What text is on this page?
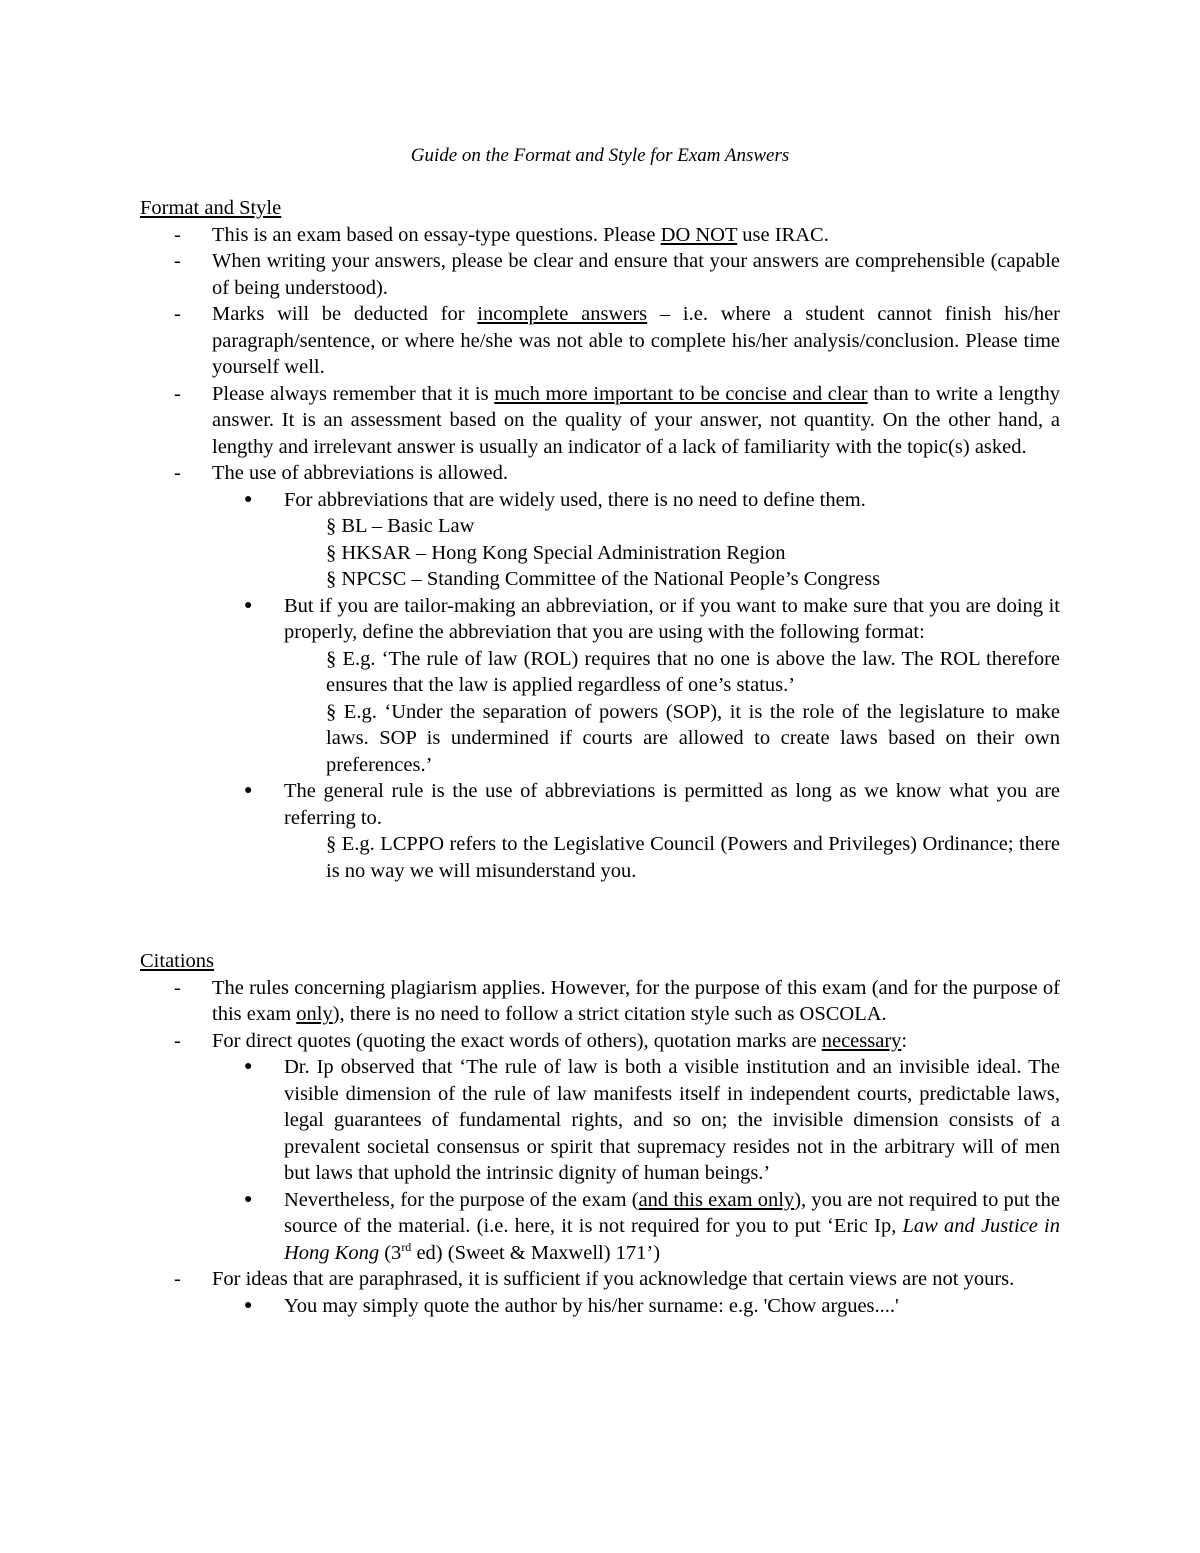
Guide on the Format and Style for Exam Answers
Format and Style
- This is an exam based on essay-type questions. Please DO NOT use IRAC.
- When writing your answers, please be clear and ensure that your answers are comprehensible (capable of being understood).
- Marks will be deducted for incomplete answers – i.e. where a student cannot finish his/her paragraph/sentence, or where he/she was not able to complete his/her analysis/conclusion. Please time yourself well.
- Please always remember that it is much more important to be concise and clear than to write a lengthy answer. It is an assessment based on the quality of your answer, not quantity. On the other hand, a lengthy and irrelevant answer is usually an indicator of a lack of familiarity with the topic(s) asked.
- The use of abbreviations is allowed.
● For abbreviations that are widely used, there is no need to define them.
§ BL – Basic Law
§ HKSAR – Hong Kong Special Administration Region
§ NPCSC – Standing Committee of the National People’s Congress
● But if you are tailor-making an abbreviation, or if you want to make sure that you are doing it properly, define the abbreviation that you are using with the following format:
§ E.g. ‘The rule of law (ROL) requires that no one is above the law. The ROL therefore ensures that the law is applied regardless of one’s status.’
§ E.g. ‘Under the separation of powers (SOP), it is the role of the legislature to make laws. SOP is undermined if courts are allowed to create laws based on their own preferences.’
● The general rule is the use of abbreviations is permitted as long as we know what you are referring to.
§ E.g. LCPPO refers to the Legislative Council (Powers and Privileges) Ordinance; there is no way we will misunderstand you.
Citations
- The rules concerning plagiarism applies. However, for the purpose of this exam (and for the purpose of this exam only), there is no need to follow a strict citation style such as OSCOLA.
- For direct quotes (quoting the exact words of others), quotation marks are necessary:
● Dr. Ip observed that ‘The rule of law is both a visible institution and an invisible ideal. The visible dimension of the rule of law manifests itself in independent courts, predictable laws, legal guarantees of fundamental rights, and so on; the invisible dimension consists of a prevalent societal consensus or spirit that supremacy resides not in the arbitrary will of men but laws that uphold the intrinsic dignity of human beings.’
● Nevertheless, for the purpose of the exam (and this exam only), you are not required to put the source of the material. (i.e. here, it is not required for you to put ‘Eric Ip, Law and Justice in Hong Kong (3rd ed) (Sweet & Maxwell) 171’)
- For ideas that are paraphrased, it is sufficient if you acknowledge that certain views are not yours.
● You may simply quote the author by his/her surname: e.g. 'Chow argues....'
